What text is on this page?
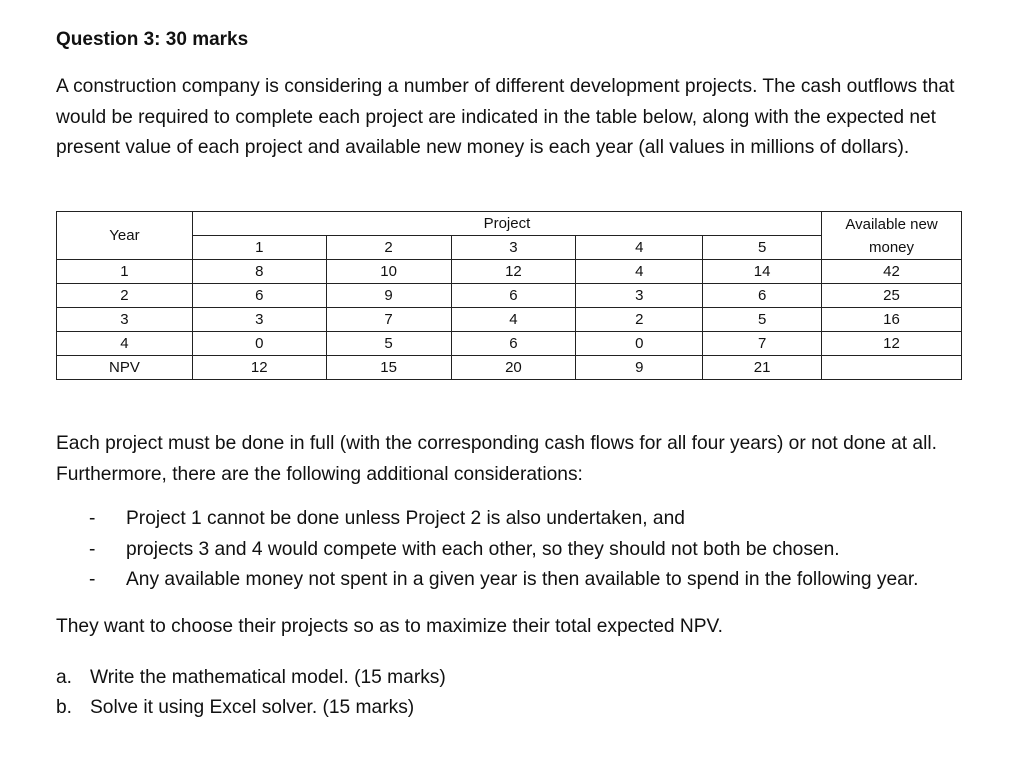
Question 3: 30 marks

A construction company is considering a number of different development projects. The cash outflows that would be required to complete each project are indicated in the table below, along with the expected net present value of each project and available new money is each year (all values in millions of dollars).

Year	Project					Available new money
	1	2	3	4	5	
1	8	10	12	4	14	42
2	6	9	6	3	6	25
3	3	7	4	2	5	16
4	0	5	6	0	7	12
NPV	12	15	20	9	21	

Each project must be done in full (with the corresponding cash flows for all four years) or not done at all. Furthermore, there are the following additional considerations:

- Project 1 cannot be done unless Project 2 is also undertaken, and
- projects 3 and 4 would compete with each other, so they should not both be chosen.
- Any available money not spent in a given year is then available to spend in the following year.

They want to choose their projects so as to maximize their total expected NPV.

a. Write the mathematical model. (15 marks)
b. Solve it using Excel solver. (15 marks)
